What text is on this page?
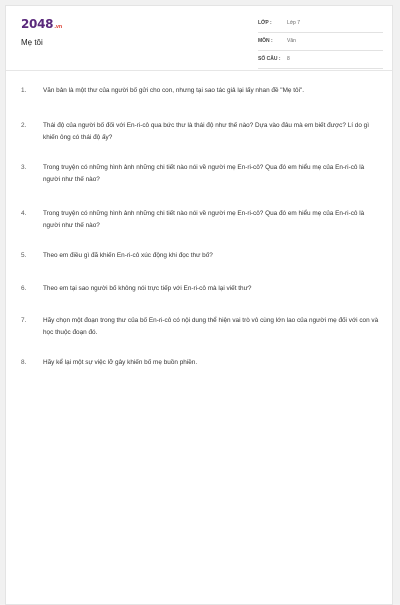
2048.vn
Mẹ tôi
LỚP :	Lớp 7
MÔN :	Văn
SỐ CÂU : 8
1.	Văn bản là một thư của người bố gửi cho con, nhưng tại sao tác giả lại lấy nhan đề "Mẹ tôi".
2.	Thái độ của người bố đối với En-ri-cô qua bức thư là thái độ như thế nào? Dựa vào đâu mà em biết được? Lí do gì khiến ông có thái độ ấy?
3.	Trong truyện có những hình ảnh những chi tiết nào nói về người mẹ En-ri-cô? Qua đó em hiểu mẹ của En-ri-cô là người như thế nào?
4.	Trong truyện có những hình ảnh những chi tiết nào nói về người mẹ En-ri-cô? Qua đó em hiểu mẹ của En-ri-cô là người như thế nào?
5.	Theo em điều gì đã khiến En-ri-cô xúc động khi đọc thư bố?
6.	Theo em tại sao người bố không nói trực tiếp với En-ri-cô mà lại viết thư?
7.	Hãy chọn một đoạn trong thư của bố En-ri-cô có nội dung thể hiện vai trò vô cùng lớn lao của người mẹ đối với con và học thuộc đoạn đó.
8.	Hãy kể lại một sự việc lỡ gây khiến bố mẹ buồn phiền.
